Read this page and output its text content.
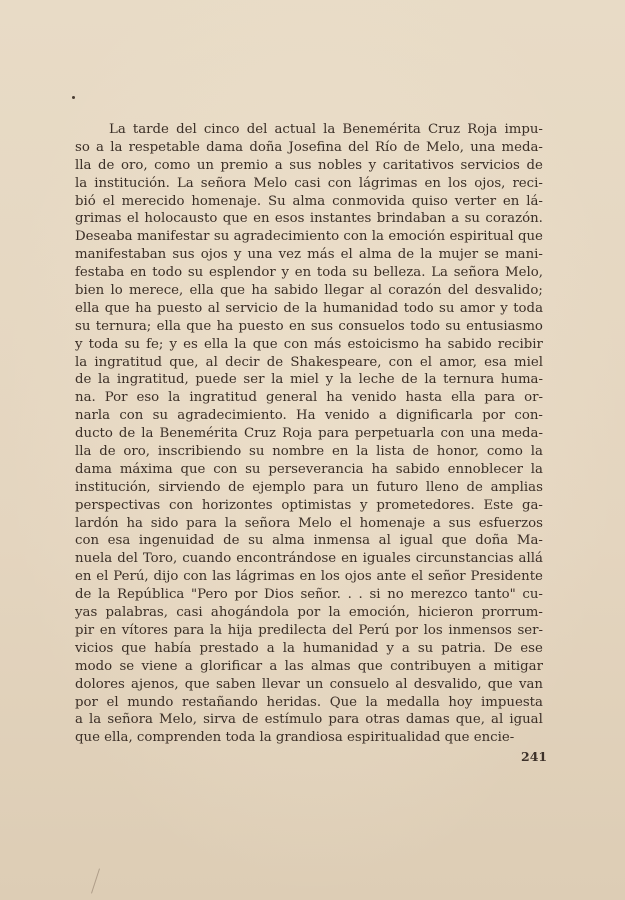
La tarde del cinco del actual la Benemérita Cruz Roja impu-
so a la respetable dama doña Josefina del Río de Melo, una meda-
lla de oro, como un premio a sus nobles y caritativos servicios de
la institución. La señora Melo casi con lágrimas en los ojos, reci-
bió el merecido homenaje. Su alma conmovida quiso verter en lá-
grimas el holocausto que en esos instantes brindaban a su corazón.
Deseaba manifestar su agradecimiento con la emoción espiritual que
manifestaban sus ojos y una vez más el alma de la mujer se mani-
festaba en todo su esplendor y en toda su belleza. La señora Melo,
bien lo merece, ella que ha sabido llegar al corazón del desvalido;
ella que ha puesto al servicio de la humanidad todo su amor y toda
su ternura; ella que ha puesto en sus consuelos todo su entusiasmo
y toda su fe; y es ella la que con más estoicismo ha sabido recibir
la ingratitud que, al decir de Shakespeare, con el amor, esa miel
de la ingratitud, puede ser la miel y la leche de la ternura huma-
na. Por eso la ingratitud general ha venido hasta ella para or-
narla con su agradecimiento. Ha venido a dignificarla por con-
ducto de la Benemérita Cruz Roja para perpetuarla con una meda-
lla de oro, inscribiendo su nombre en la lista de honor, como la
dama máxima que con su perseverancia ha sabido ennoblecer la
institución, sirviendo de ejemplo para un futuro lleno de amplias
perspectivas con horizontes optimistas y prometedores. Este ga-
lardón ha sido para la señora Melo el homenaje a sus esfuerzos
con esa ingenuidad de su alma inmensa al igual que doña Ma-
nuela del Toro, cuando encontrándose en iguales circunstancias allá
en el Perú, dijo con las lágrimas en los ojos ante el señor Presidente
de la República "Pero por Dios señor. . . si no merezco tanto" cu-
yas palabras, casi ahogándola por la emoción, hicieron prorrum-
pir en vítores para la hija predilecta del Perú por los inmensos ser-
vicios que había prestado a la humanidad y a su patria. De ese
modo se viene a glorificar a las almas que contribuyen a mitigar
dolores ajenos, que saben llevar un consuelo al desvalido, que van
por el mundo restañando heridas. Que la medalla hoy impuesta
a la señora Melo, sirva de estímulo para otras damas que, al igual
que ella, comprenden toda la grandiosa espiritualidad que encie-
241
